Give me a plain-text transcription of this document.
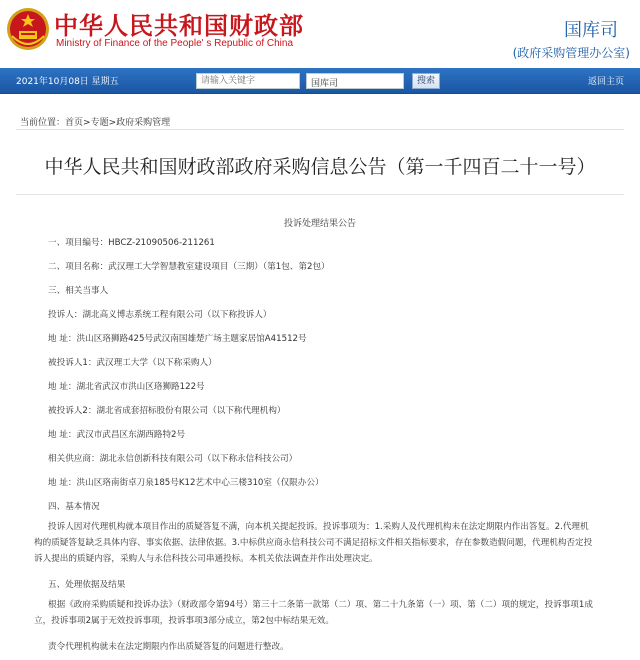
中华人民共和国财政部
Ministry of Finance of the People' s Republic of China
国库司
(政府采购管理办公室)
2021年10月08日 星期五
请输入关键字	国库司	搜索	返回主页
当前位置：首页>专题>政府采购管理
中华人民共和国财政部政府采购信息公告（第一千四百二十一号）
投诉处理结果公告
一、项目编号：HBCZ-21090506-211261
二、项目名称：武汉理工大学智慧教室建设项目（三期）（第1包、第2包）
三、相关当事人
投诉人：湖北高义博志系统工程有限公司（以下称投诉人）
地 址：洪山区珞狮路425号武汉南国雄楚广场主题家居馆A41512号
被投诉人1：武汉理工大学（以下称采购人）
地 址：湖北省武汉市洪山区珞狮路122号
被投诉人2：湖北省成套招标股份有限公司（以下称代理机构）
地 址：武汉市武昌区东湖西路特2号
相关供应商：湖北永信创新科技有限公司（以下称永信科技公司）
地 址：洪山区珞南街卓刀泉185号K12艺术中心三楼310室（仅限办公）
四、基本情况
投诉人因对代理机构就本项目作出的质疑答复不满，向本机关提起投诉。投诉事项为：1.采购人及代理机构未在法定期限内作出答复。2.代理机构的质疑答复缺乏具体内容、事实依据、法律依据。3.中标供应商永信科技公司不满足招标文件相关指标要求，存在参数造假问题，代理机构否定投诉人提出的质疑内容，采购人与永信科技公司串通投标。本机关依法调查并作出处理决定。
五、处理依据及结果
根据《政府采购质疑和投诉办法》（财政部令第94号）第三十二条第一款第（二）项、第二十九条第（一）项、第（二）项的规定，投诉事项1成立，投诉事项2属于无效投诉事项，投诉事项3部分成立，第2包中标结果无效。
责令代理机构就未在法定期限内作出质疑答复的问题进行整改。
